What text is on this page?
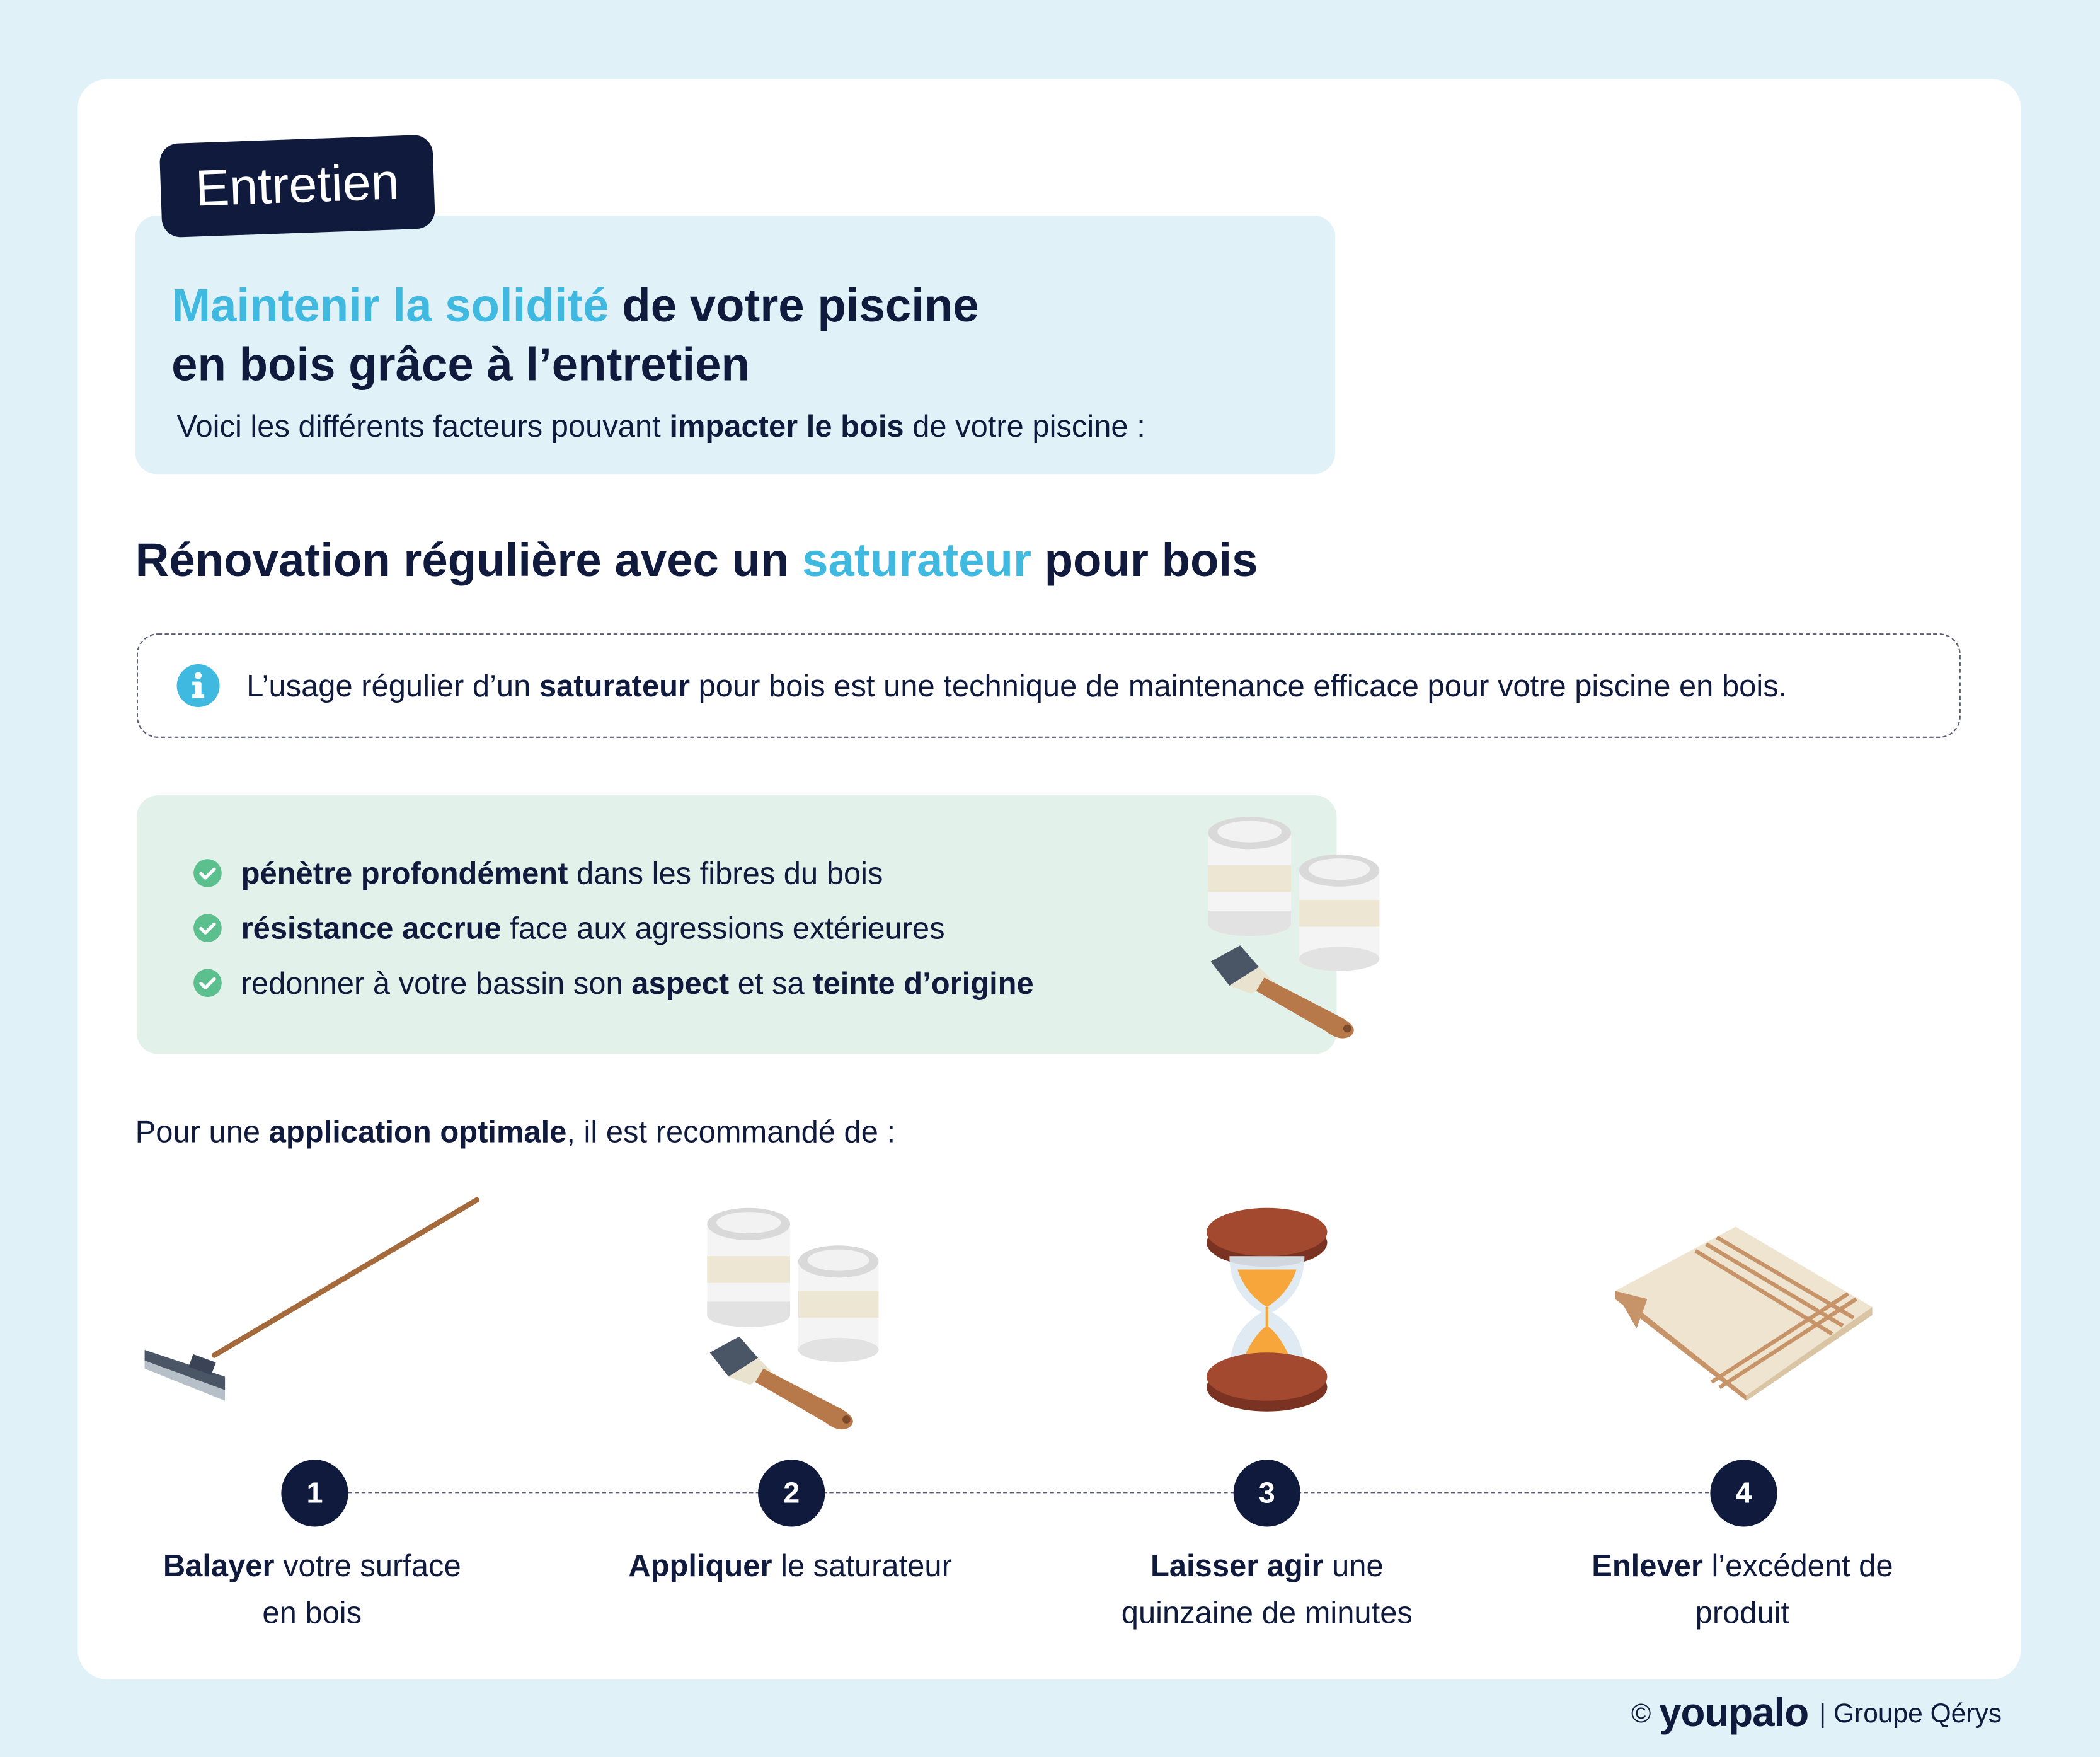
Entretien
Maintenir la solidité de votre piscine
en bois grâce à l’entretien
Voici les différents facteurs pouvant impacter le bois de votre piscine :
Rénovation régulière avec un saturateur pour bois
L’usage régulier d’un saturateur pour bois est une technique de maintenance efficace pour votre piscine en bois.
pénètre profondément dans les fibres du bois
résistance accrue face aux agressions extérieures
redonner à votre bassin son aspect et sa teinte d’origine
Pour une application optimale, il est recommandé de :
1	2	3	4
Balayer votre surface
en bois
Appliquer le saturateur	Laisser agir une
quinzaine de minutes
Enlever l’excédent de
produit
© youpalo | Groupe Qérys
